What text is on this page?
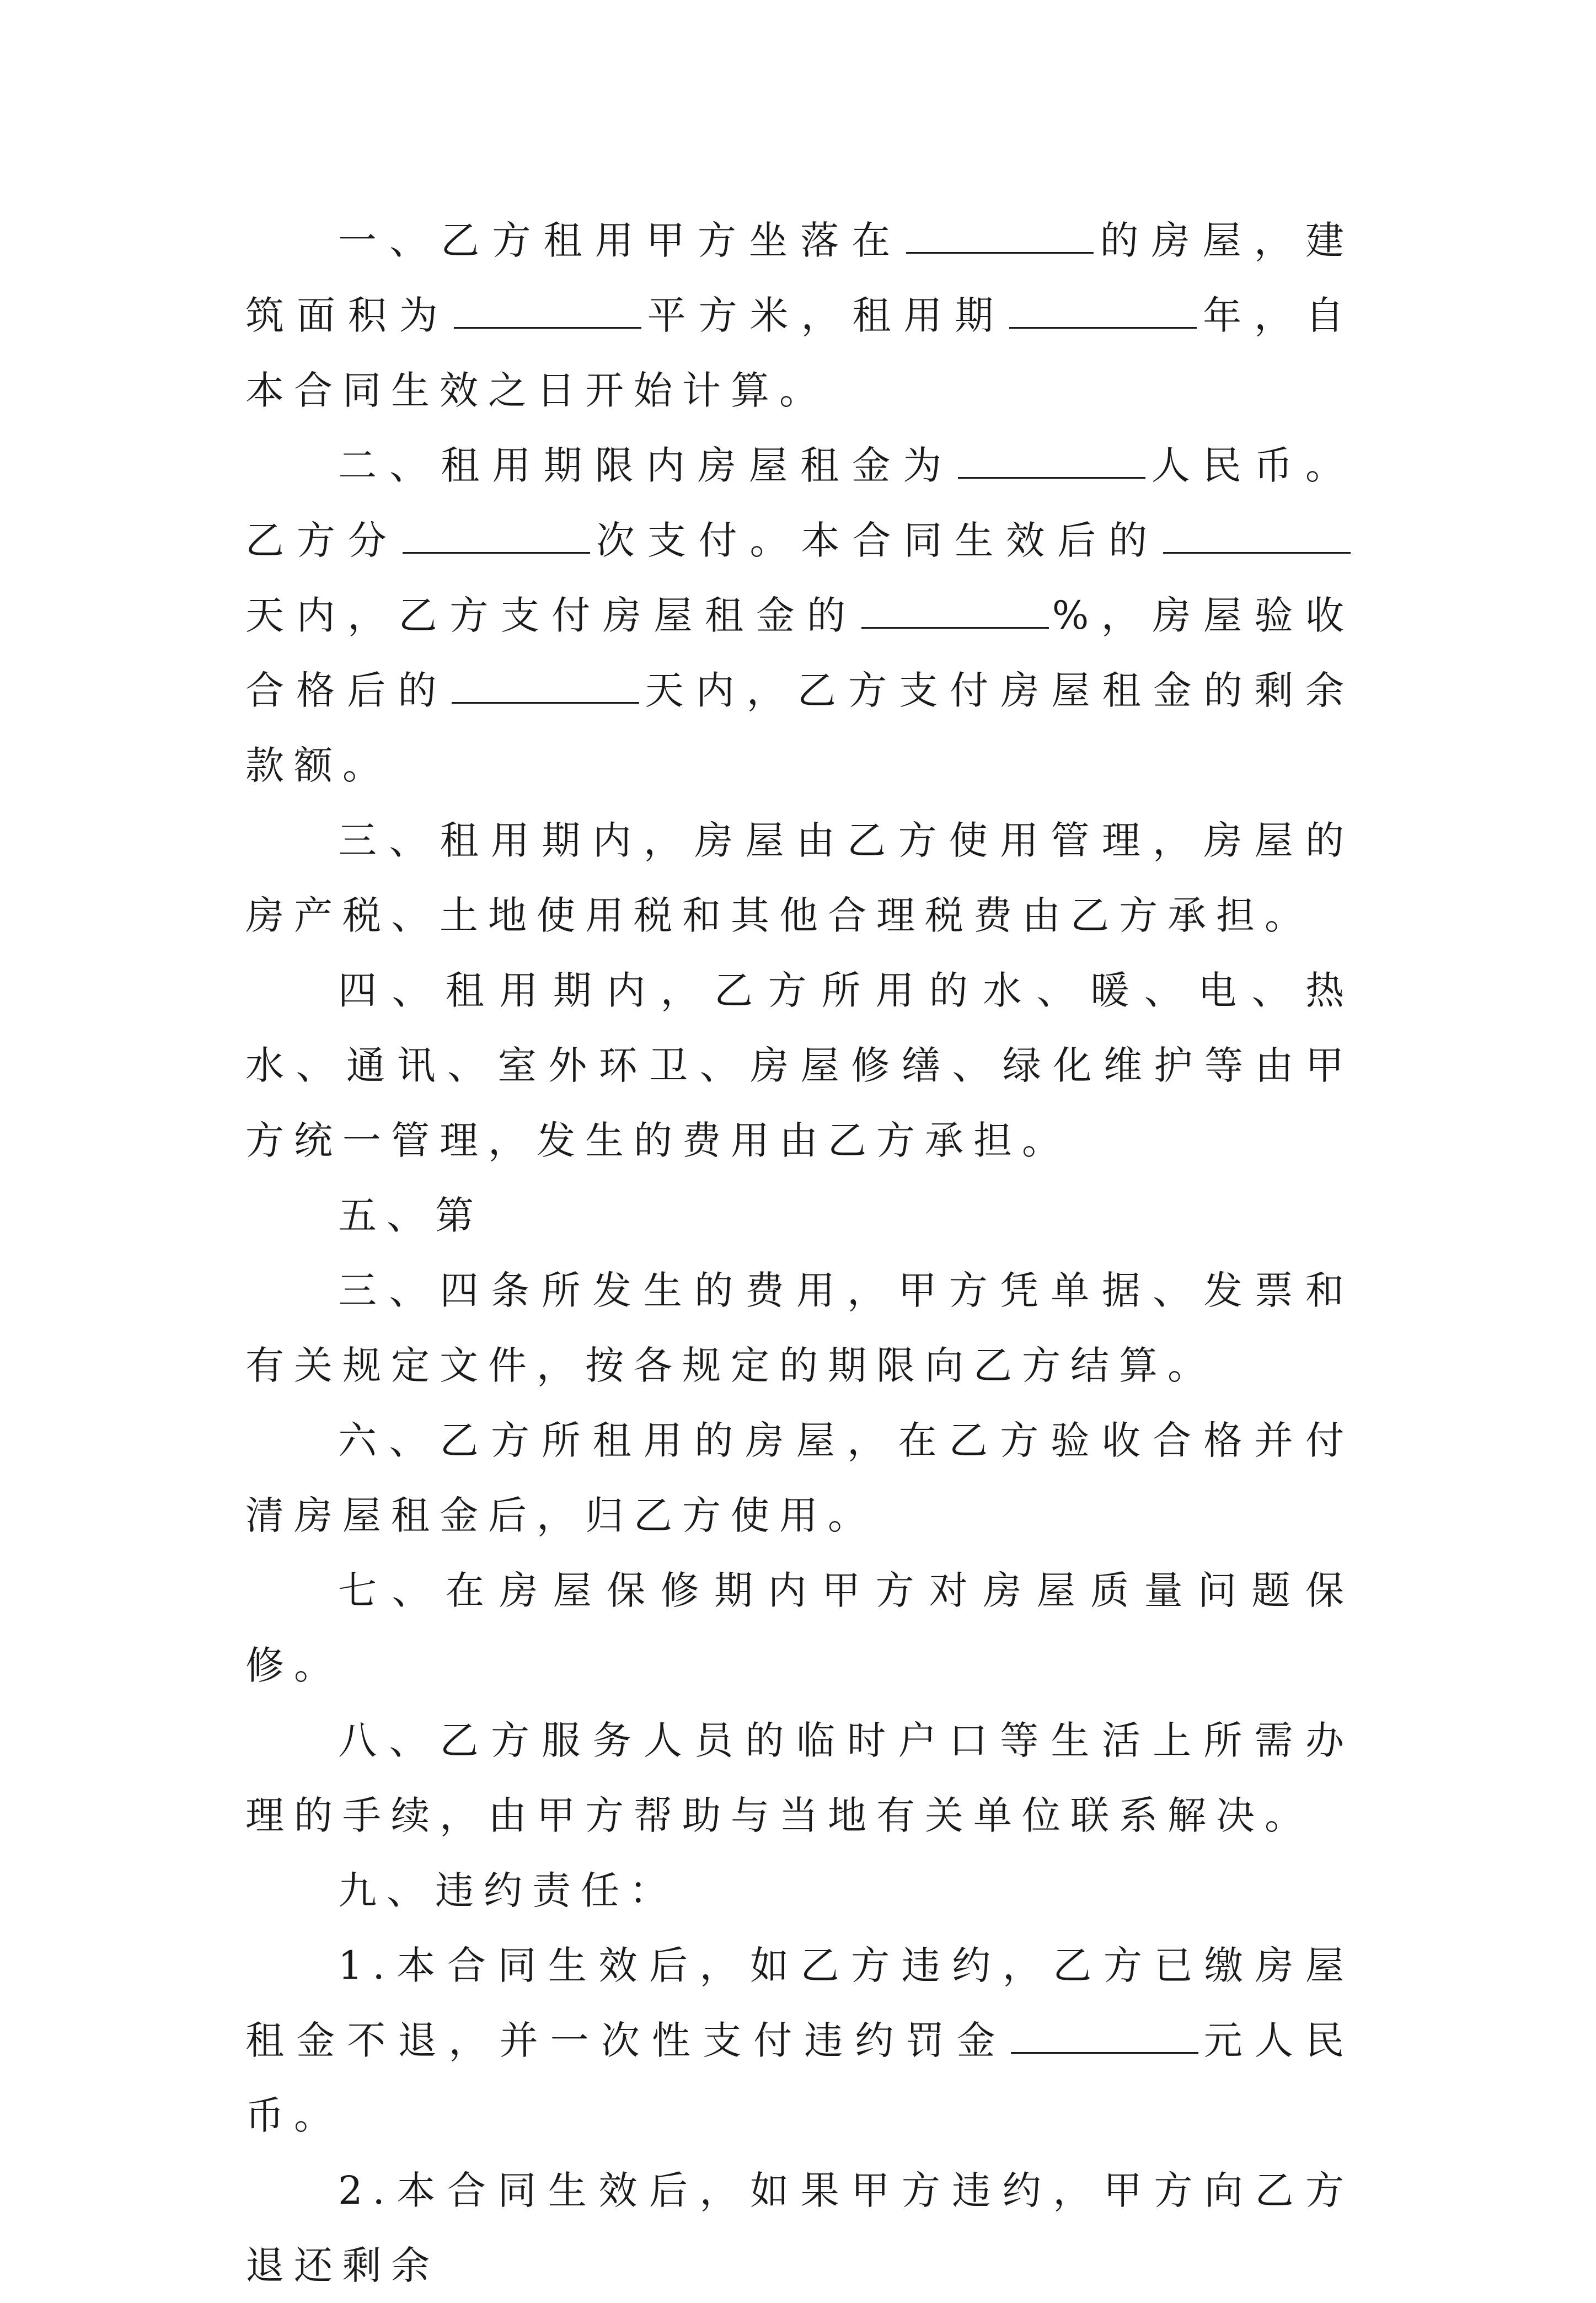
一、乙方租用甲方坐落在	的房屋，建筑面积为	平方米，租用期	年，自本合同生效之日开始计算。

二、租用期限内房屋租金为	人民币。乙方分	次支付。本合同生效后的天内，乙方支付房屋租金的	%，房屋验收合格后的	天内，乙方支付房屋租金的剩余款额。

三、租用期内，房屋由乙方使用管理，房屋的房产税、土地使用税和其他合理税费由乙方承担。

四、租用期内，乙方所用的水、暖、电、热水、通讯、室外环卫、房屋修缮、绿化维护等由甲方统一管理，发生的费用由乙方承担。

五、第

三、四条所发生的费用，甲方凭单据、发票和有关规定文件，按各规定的期限向乙方结算。

六、乙方所租用的房屋，在乙方验收合格并付清房屋租金后，归乙方使用。

七、在房屋保修期内甲方对房屋质量问题保修。

八、乙方服务人员的临时户口等生活上所需办理的手续，由甲方帮助与当地有关单位联系解决。

九、违约责任：

1.本合同生效后，如乙方违约，乙方已缴房屋租金不退，并一次性支付违约罚金	元人民币。

2.本合同生效后，如果甲方违约，甲方向乙方退还剩余
